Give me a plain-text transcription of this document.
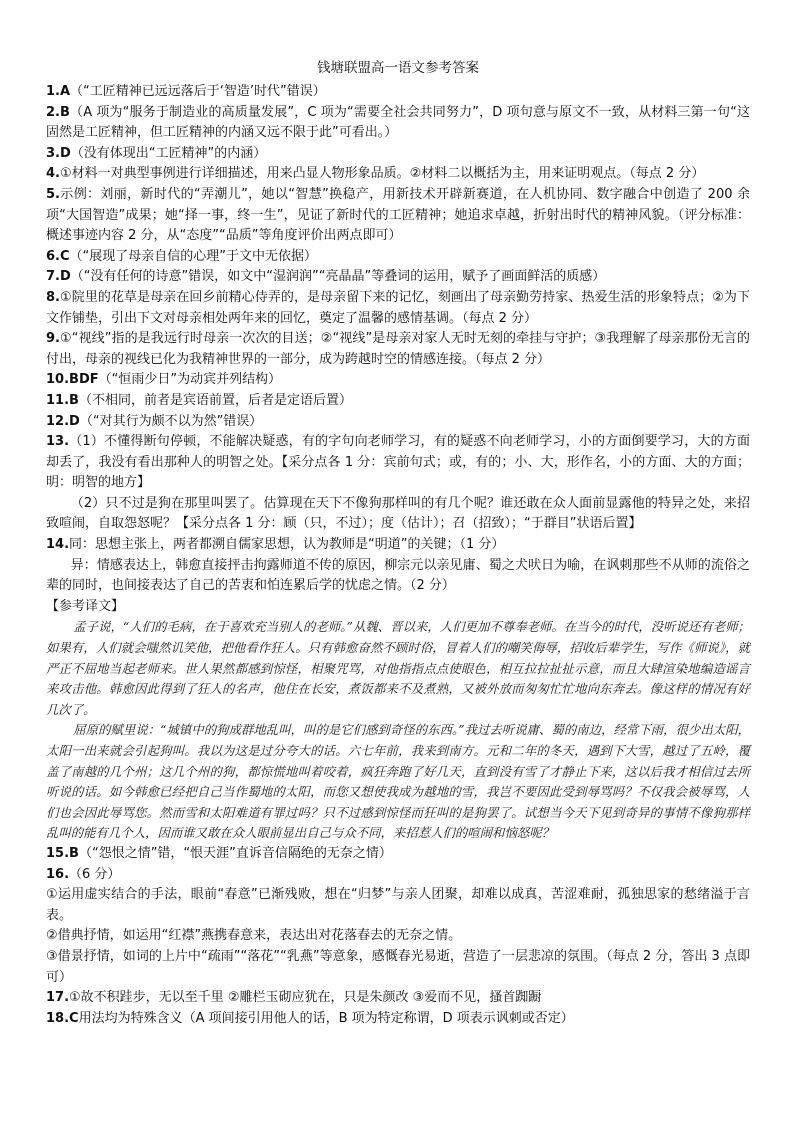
钱塘联盟高一语文参考答案

1.A（“工匠精神已远远落后于‘智造’时代”错误）

2.B（A 项为“服务于制造业的高质量发展”，C 项为“需要全社会共同努力”，D 项句意与原文不一致，从材料三第一句“这固然是工匠精神，但工匠精神的内涵又远不限于此”可看出。）

3.D（没有体现出“工匠精神”的内涵）

4.①材料一对典型事例进行详细描述，用来凸显人物形象品质。②材料二以概括为主，用来证明观点。（每点 2 分）

5.示例：刘丽，新时代的“弄潮儿”，她以“智慧”换稳产，用新技术开辟新赛道，在人机协同、数字融合中创造了 200 余项“大国智造”成果；她“择一事，终一生”，见证了新时代的工匠精神；她追求卓越，折射出时代的精神风貌。（评分标准：概述事迹内容 2 分，从“态度”“品质”等角度评价出两点即可）

6.C（“展现了母亲自信的心理”于文中无依据）

7.D（“没有任何的诗意”错误，如文中“湿润润”“亮晶晶”等叠词的运用，赋予了画面鲜活的质感）

8.①院里的花草是母亲在回乡前精心侍弄的，是母亲留下来的记忆，刻画出了母亲勤劳持家、热爱生活的形象特点；②为下文作铺垫，引出下文对母亲相处两年来的回忆，奠定了温馨的感情基调。（每点 2 分）

9.①“视线”指的是我远行时母亲一次次的目送；②“视线”是母亲对家人无时无刻的牵挂与守护；③我理解了母亲那份无言的付出，母亲的视线已化为我精神世界的一部分，成为跨越时空的情感连接。（每点 2 分）

10.BDF（“恒雨少日”为动宾并列结构）

11.B（不相同，前者是宾语前置，后者是定语后置）

12.D（“对其行为颇不以为然”错误）

13.（1）不懂得断句停顿，不能解决疑惑，有的字句向老师学习，有的疑惑不向老师学习，小的方面倒要学习，大的方面却丢了，我没有看出那种人的明智之处。【采分点各 1 分：宾前句式；或，有的；小、大，形作名，小的方面、大的方面；明：明智的地方】

（2）只不过是狗在那里叫罢了。估算现在天下不像狗那样叫的有几个呢？谁还敢在众人面前显露他的特异之处，来招致喧闹，自取怨怒呢？【采分点各 1 分：顾（只，不过）；度（估计）；召（招致）；“于群目”状语后置】

14.同：思想主张上，两者都溯自儒家思想，认为教师是“明道”的关键；（1 分）

异：情感表达上，韩愈直接抨击拘露师道不传的原因，柳宗元以亲见庸、蜀之犬吠日为喻，在讽刺那些不从师的流俗之辈的同时，也间接表达了自己的苦衷和怕连累后学的忧虑之情。（2 分）

【参考译文】

孟子说，“人们的毛病，在于喜欢充当别人的老师。”从魏、晋以来，人们更加不尊奉老师。在当今的时代，没听说还有老师；如果有，人们就会嗤然讥笑他，把他看作狂人。只有韩愈奋然不顾时俗，冒着人们的嘲笑侮辱，招收后辈学生，写作《师说》，就严正不屈地当起老师来。世人果然都感到惊怪，相聚咒骂，对他指指点点使眼色，相互拉拉扯扯示意，而且大肆渲染地编造谣言来攻击他。韩愈因此得到了狂人的名声，他住在长安，煮饭都来不及煮熟，又被外放而匆匆忙忙地向东奔去。像这样的情况有好几次了。

屈原的赋里说：“城镇中的狗成群地乱叫，叫的是它们感到奇怪的东西。”我过去听说庸、蜀的南边，经常下雨，很少出太阳，太阳一出来就会引起狗叫。我以为这是过分夸大的话。六七年前，我来到南方。元和二年的冬天，遇到下大雪，越过了五岭，覆盖了南越的几个州；这几个州的狗，都惊慌地叫着咬着，疯狂奔跑了好几天，直到没有雪了才静止下来，这以后我才相信过去所听说的话。如今韩愈已经把自己当作蜀地的太阳，而您又想使我成为越地的雪，我岂不要因此受到辱骂吗？不仅我会被辱骂，人们也会因此辱骂您。然而雪和太阳难道有罪过吗？只不过感到惊怪而狂叫的是狗罢了。试想当今天下见到奇异的事情不像狗那样乱叫的能有几个人，因而谁又敢在众人眼前显出自己与众不同，来招惹人们的喧闹和恼怒呢？

15.B（“怨恨之情”错，“恨天涯”直诉音信隔绝的无奈之情）

16.（6 分）

①运用虚实结合的手法，眼前“春意”已渐残败，想在“归梦”与亲人团聚，却难以成真，苦涩难耐，孤独思家的愁绪溢于言表。

②借典抒情，如运用“红襟”燕携春意来，表达出对花落春去的无奈之情。

③借景抒情，如词的上片中“疏雨”“落花”“乳燕”等意象，感慨春光易逝，营造了一层悲凉的氛围。（每点 2 分，答出 3 点即可）

17.①故不积跬步，无以至千里 ②雕栏玉砌应犹在，只是朱颜改 ③爱而不见，搔首踟蹰

18.C用法均为特殊含义（A 项间接引用他人的话，B 项为特定称谓，D 项表示讽刺或否定）
